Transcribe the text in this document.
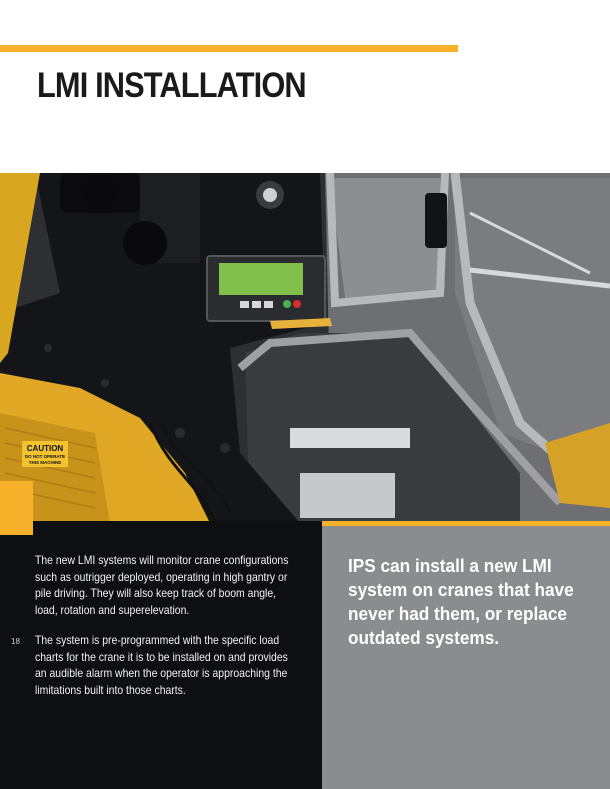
LMI INSTALLATION
CAUTION
DO NOT OPERATE
THIS MACHINE

The new LMI systems will monitor crane configurations such as outrigger deployed, operating in high gantry or pile driving. They will also keep track of boom angle, load, rotation and superelevation.

The system is pre-programmed with the specific load charts for the crane it is to be installed on and provides an audible alarm when the operator is approaching the limitations built into those charts.

18

IPS can install a new LMI system on cranes that have never had them, or replace outdated systems.
